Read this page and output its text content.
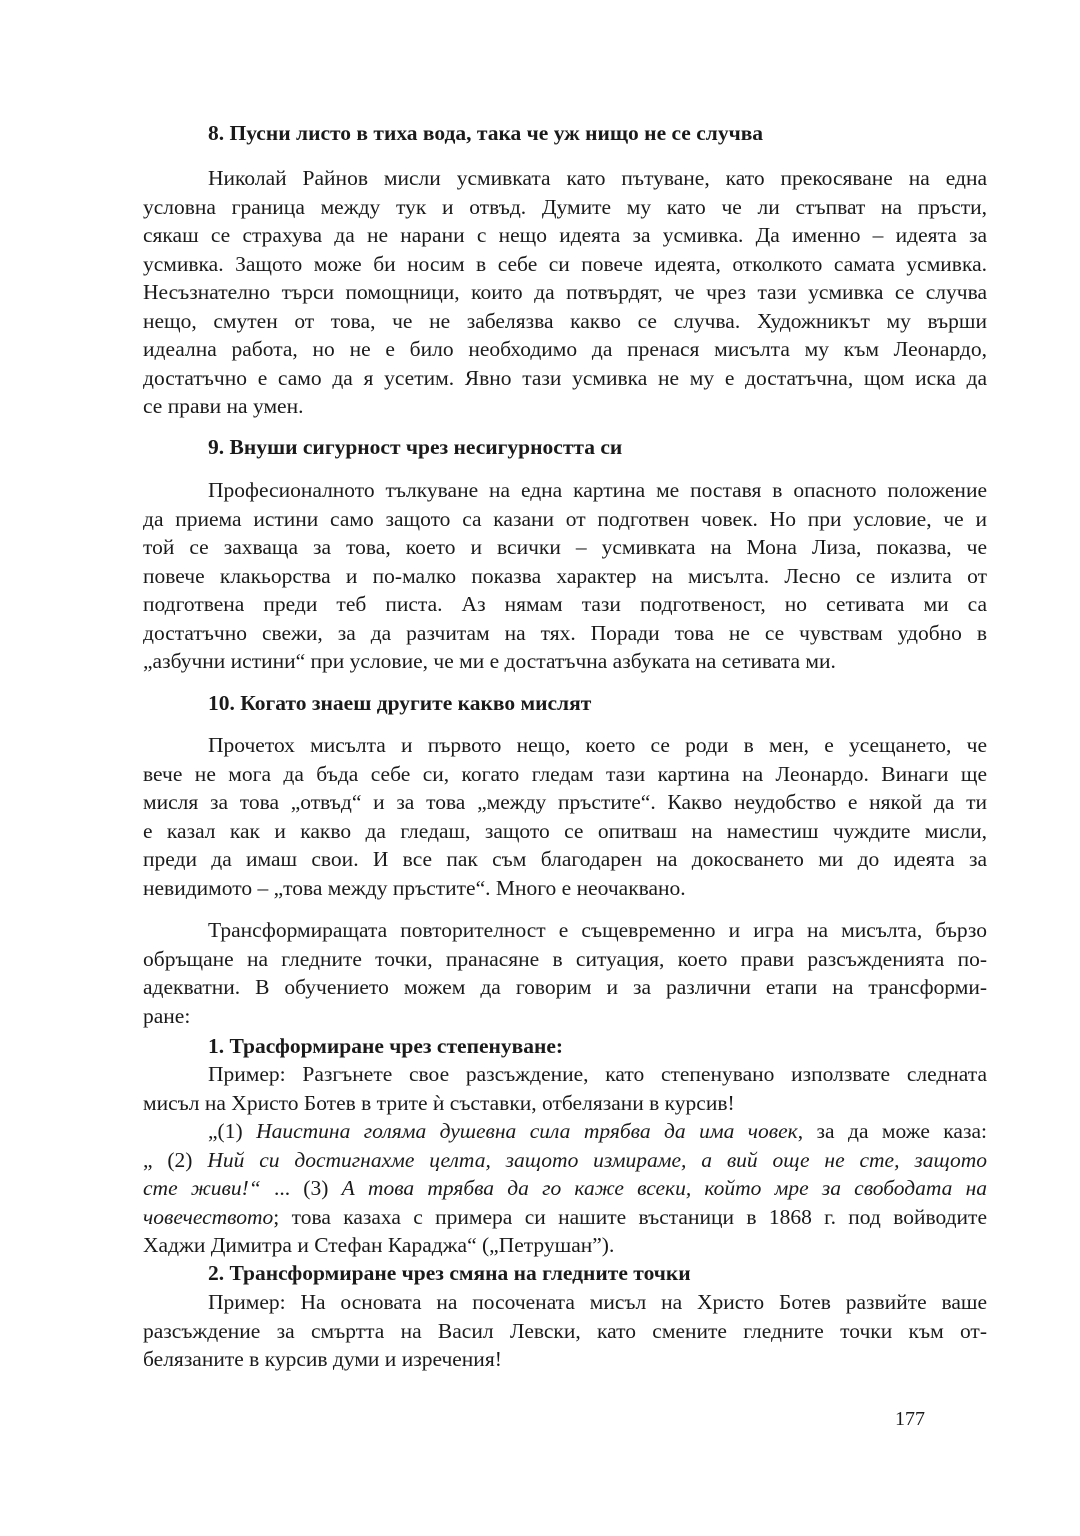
8. Пусни листо в тиха вода, така че уж нищо не се случва
Николай Райнов мисли усмивката като пътуване, като прекосяване на една
условна граница между тук и отвъд. Думите му като че ли стъпват на пръсти,
сякаш се страхува да не нарани с нещо идеята за усмивка. Да именно – идеята за
усмивка. Защото може би носим в себе си повече идеята, отколкото самата усмивка.
Несъзнателно търси помощници, които да потвърдят, че чрез тази усмивка се случва
нещо, смутен от това, че не забелязва какво се случва. Художникът му върши
идеална работа, но не е било необходимо да пренася мисълта му към Леонардо,
достатъчно е само да я усетим. Явно тази усмивка не му е достатъчна, щом иска да
се прави на умен.
9. Внуши сигурност чрез несигурността си
Професионалното тълкуване на една картина ме поставя в опасното положение
да приема истини само защото са казани от подготвен човек. Но при условие, че и
той се захваща за това, което и всички – усмивката на Мона Лиза, показва, че
повече клакьорства и по-малко показва характер на мисълта. Лесно се излита от
подготвена преди теб писта. Аз нямам тази подготвеност, но сетивата ми са
достатъчно свежи, за да разчитам на тях. Поради това не се чувствам удобно в
„азбучни истини“ при условие, че ми е достатъчна азбуката на сетивата ми.
10. Когато знаеш другите какво мислят
Прочетох мисълта и първото нещо, което се роди в мен, е усещането, че
вече не мога да бъда себе си, когато гледам тази картина на Леонардо. Винаги ще
мисля за това „отвъд“ и за това „между пръстите“. Какво неудобство е някой да ти
е казал как и какво да гледаш, защото се опитваш на наместиш чуждите мисли,
преди да имаш свои. И все пак съм благодарен на докосването ми до идеята за
невидимото – „това между пръстите“. Много е неочаквано.
Трансформиращата повторителност е същевременно и игра на мисълта, бързо
обръщане на гледните точки, пранасяне в ситуация, което прави разсъжденията по-
адекватни. В обучението можем да говорим и за различни етапи на трансформи-
ране:
1. Трасформиране чрез степенуване:
Пример: Разгънете свое разсъждение, като степенувано използвате следната
мисъл на Христо Ботев в трите ѝ съставки, отбелязани в курсив!
„(1) Наистина голяма душевна сила трябва да има човек, за да може каза:
„ (2) Ний си достигнахме целта, защото измираме, а вий още не сте, защото
сте живи!“ ... (3) А това трябва да го каже всеки, който мре за свободата на
човечеството; това казаха с примера си нашите въстаници в 1868 г. под войводите
Хаджи Димитра и Стефан Караджа“ („Петрушан”).
2. Трансформиране чрез смяна на гледните точки
Пример: На основата на посочената мисъл на Христо Ботев развийте ваше
разсъждение за смъртта на Васил Левски, като смените гледните точки към от-
белязаните в курсив думи и изречения!
177
